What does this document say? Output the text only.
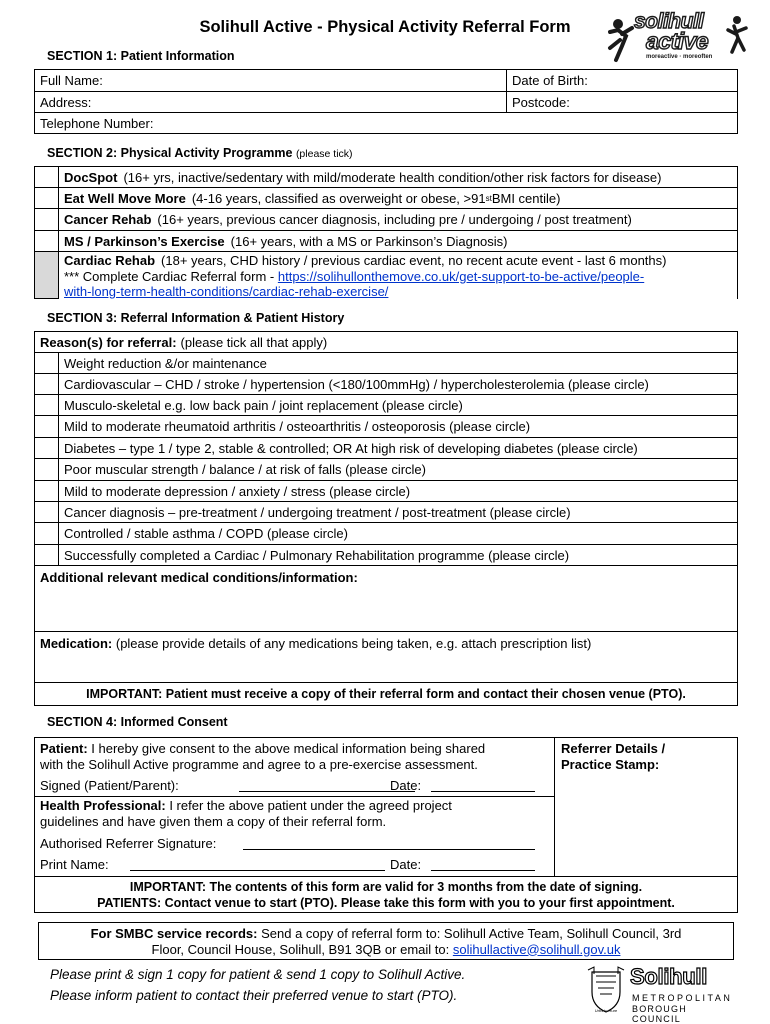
Solihull Active - Physical Activity Referral Form	solihull
active
moreactive · moreoften
SECTION 1: Patient Information
Full Name:	Date of Birth:
Address:	Postcode:
Telephone Number:
SECTION 2: Physical Activity Programme (please tick)
DocSpot (16+ yrs, inactive/sedentary with mild/moderate health condition/other risk factors for disease)
Eat Well Move More (4-16 years, classified as overweight or obese, >91 st BMI centile)
Cancer Rehab (16+ years, previous cancer diagnosis, including pre / undergoing / post treatment)
MS / Parkinson’s Exercise (16+ years, with a MS or Parkinson’s Diagnosis)
Cardiac Rehab (18+ years, CHD history / previous cardiac event, no recent acute event - last 6 months)
*** Complete Cardiac Referral form - https://solihullonthemove.co.uk/get-support-to-be-active/people-
with-long-term-health-conditions/cardiac-rehab-exercise/
SECTION 3: Referral Information & Patient History
Reason(s) for referral: (please tick all that apply)
Weight reduction &/or maintenance
Cardiovascular – CHD / stroke / hypertension (<180/100mmHg) / hypercholesterolemia (please circle)
Musculo-skeletal e.g. low back pain / joint replacement (please circle)
Mild to moderate rheumatoid arthritis / osteoarthritis / osteoporosis (please circle)
Diabetes – type 1 / type 2, stable & controlled; OR At high risk of developing diabetes (please circle)
Poor muscular strength / balance / at risk of falls (please circle)
Mild to moderate depression / anxiety / stress (please circle)
Cancer diagnosis – pre-treatment / undergoing treatment / post-treatment (please circle)
Controlled / stable asthma / COPD (please circle)
Successfully completed a Cardiac / Pulmonary Rehabilitation programme (please circle)
Additional relevant medical conditions/information:
Medication: (please provide details of any medications being taken, e.g. attach prescription list)
IMPORTANT: Patient must receive a copy of their referral form and contact their chosen venue (PTO).
SECTION 4: Informed Consent
Patient: I hereby give consent to the above medical information being shared
with the Solihull Active programme and agree to a pre-exercise assessment.
Signed (Patient/Parent):	Date:
Health Professional: I refer the above patient under the agreed project
guidelines and have given them a copy of their referral form.
Authorised Referrer Signature:
Print Name:	Date:
Referrer Details /
Practice Stamp:
IMPORTANT: The contents of this form are valid for 3 months from the date of signing.
PATIENTS: Contact venue to start (PTO). Please take this form with you to your first appointment.
For SMBC service records: Send a copy of referral form to: Solihull Active Team, Solihull Council, 3rd
Floor, Council House, Solihull, B91 3QB or email to: solihullactive@solihull.gov.uk
Please print & sign 1 copy for patient & send 1 copy to Solihull Active.
Please inform patient to contact their preferred venue to start (PTO).
Urbs in Rure
Solihull
METROPOLITAN
BOROUGH COUNCIL
